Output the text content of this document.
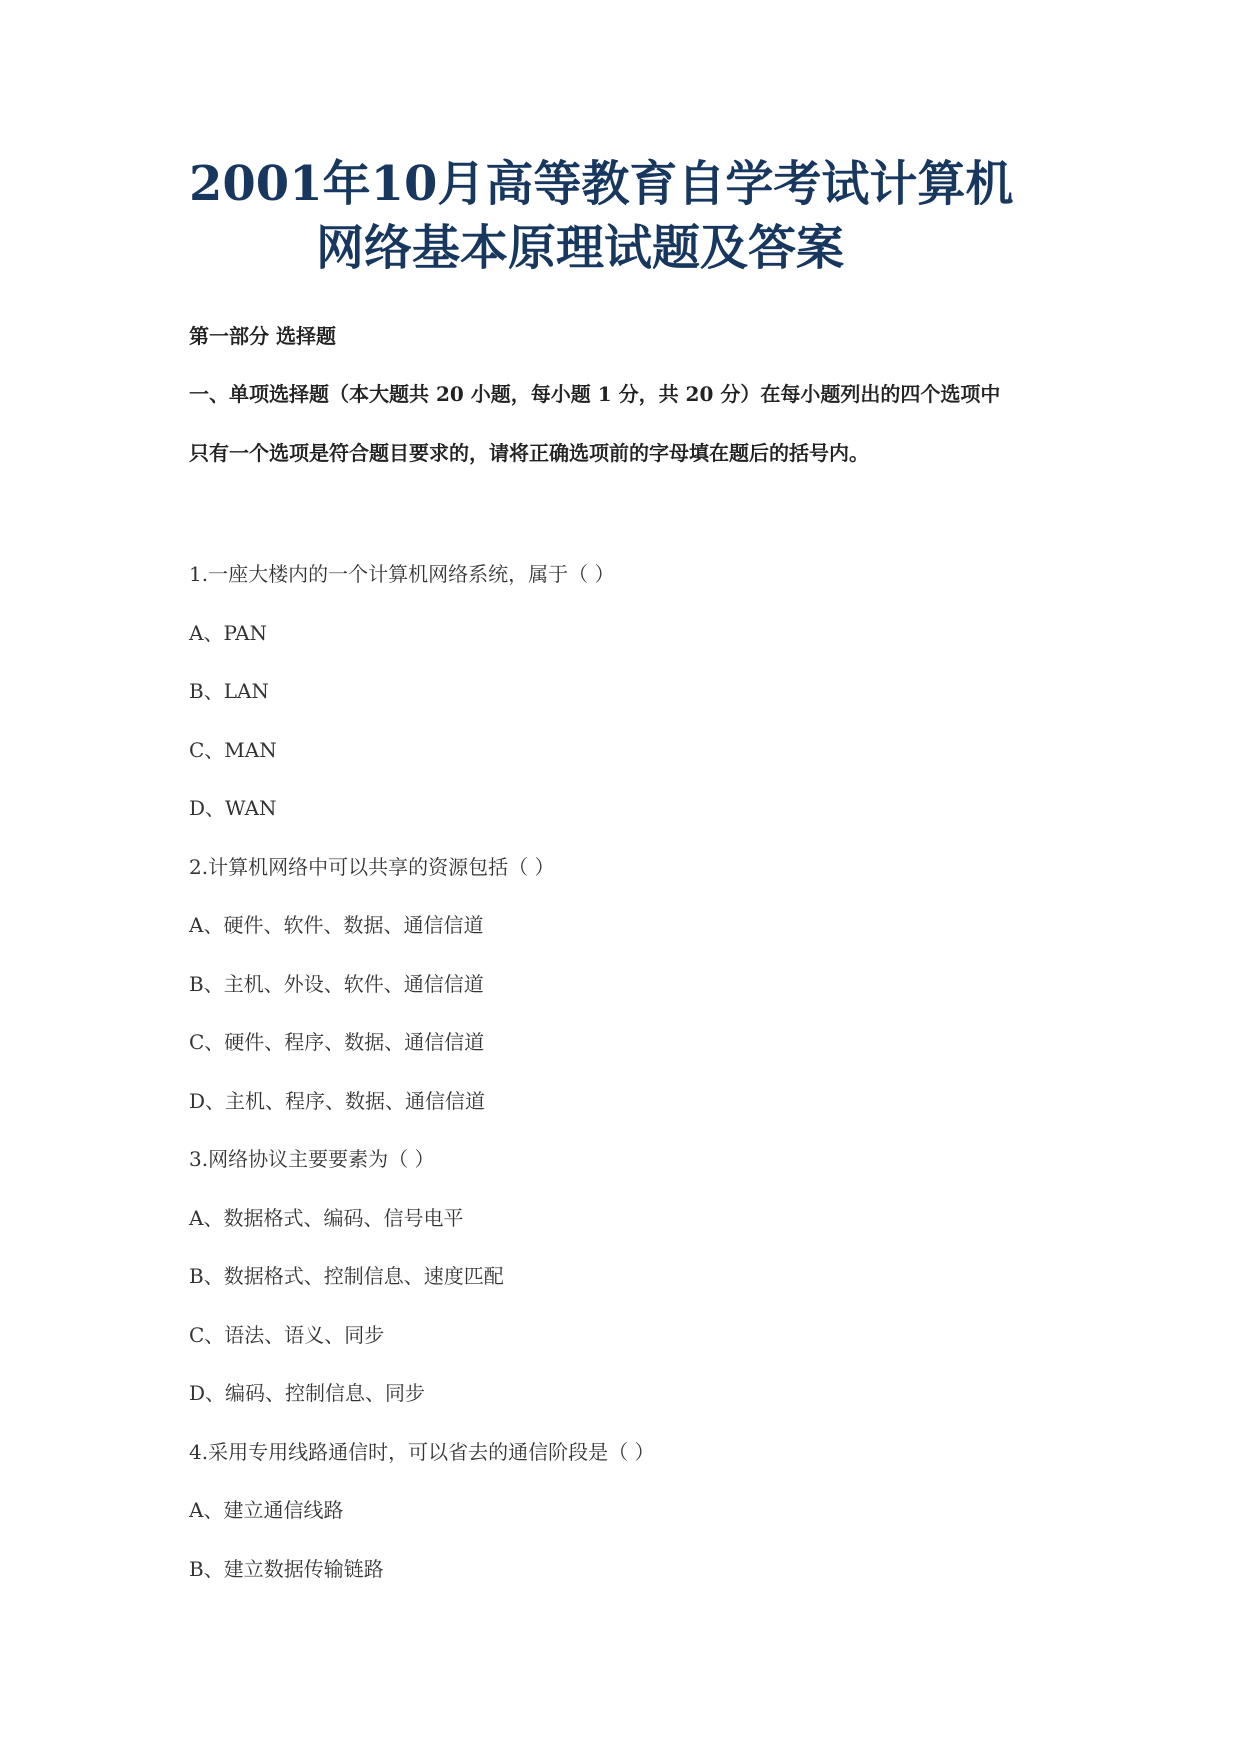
2001年10月高等教育自学考试计算机
网络基本原理试题及答案
第一部分 选择题
一、单项选择题（本大题共 20 小题，每小题 1 分，共 20 分）在每小题列出的四个选项中
只有一个选项是符合题目要求的，请将正确选项前的字母填在题后的括号内。
1.一座大楼内的一个计算机网络系统，属于（ ）
A、PAN
B、LAN
C、MAN
D、WAN
2.计算机网络中可以共享的资源包括（ ）
A、硬件、软件、数据、通信信道
B、主机、外设、软件、通信信道
C、硬件、程序、数据、通信信道
D、主机、程序、数据、通信信道
3.网络协议主要要素为（ ）
A、数据格式、编码、信号电平
B、数据格式、控制信息、速度匹配
C、语法、语义、同步
D、编码、控制信息、同步
4.采用专用线路通信时，可以省去的通信阶段是（ ）
A、建立通信线路
B、建立数据传输链路
